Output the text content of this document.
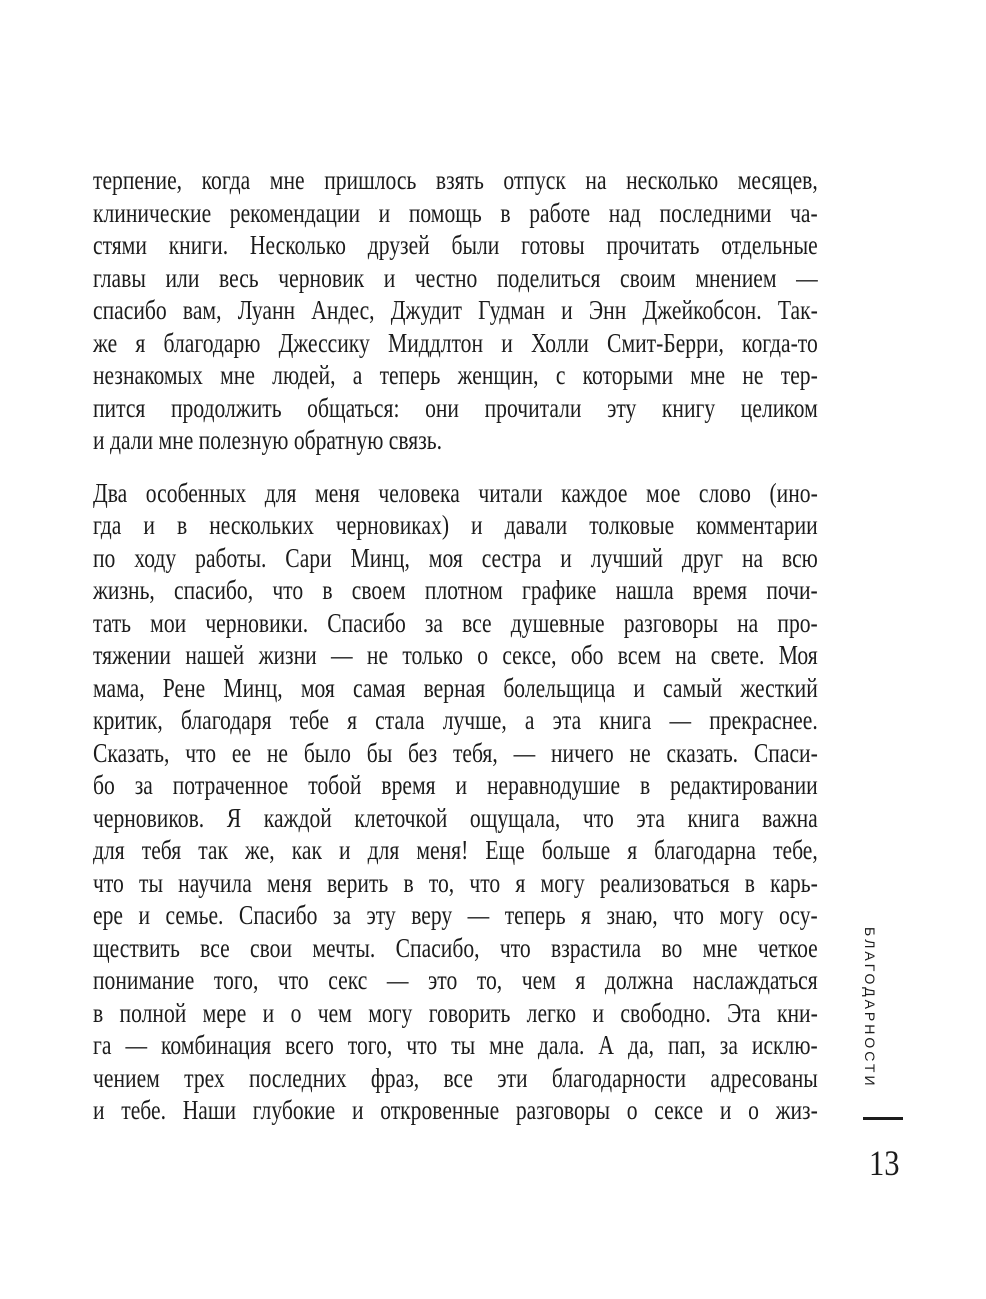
терпение, когда мне пришлось взять отпуск на несколько месяцев,
клинические рекомендации и помощь в работе над последними ча-
стями книги. Несколько друзей были готовы прочитать отдельные
главы или весь черновик и честно поделиться своим мнением —
спасибо вам, Луанн Андес, Джудит Гудман и Энн Джейкобсон. Так-
же я благодарю Джессику Миддлтон и Холли Смит-Берри, когда-то
незнакомых мне людей, а теперь женщин, с которыми мне не тер-
пится продолжить общаться: они прочитали эту книгу целиком
и дали мне полезную обратную связь.
Два особенных для меня человека читали каждое мое слово (ино-
гда и в нескольких черновиках) и давали толковые комментарии
по ходу работы. Сари Минц, моя сестра и лучший друг на всю
жизнь, спасибо, что в своем плотном графике нашла время почи-
тать мои черновики. Спасибо за все душевные разговоры на про-
тяжении нашей жизни — не только о сексе, обо всем на свете. Моя
мама, Рене Минц, моя самая верная болельщица и самый жесткий
критик, благодаря тебе я стала лучше, а эта книга — прекраснее.
Сказать, что ее не было бы без тебя, — ничего не сказать. Спаси-
бо за потраченное тобой время и неравнодушие в редактировании
черновиков. Я каждой клеточкой ощущала, что эта книга важна
для тебя так же, как и для меня! Еще больше я благодарна тебе,
что ты научила меня верить в то, что я могу реализоваться в карь-
ере и семье. Спасибо за эту веру — теперь я знаю, что могу осу-
ществить все свои мечты. Спасибо, что взрастила во мне четкое
понимание того, что секс — это то, чем я должна наслаждаться
в полной мере и о чем могу говорить легко и свободно. Эта кни-
га — комбинация всего того, что ты мне дала. А да, пап, за исклю-
чением трех последних фраз, все эти благодарности адресованы
и тебе. Наши глубокие и откровенные разговоры о сексе и о жиз-
БЛАГОДАРНОСТИ
13
